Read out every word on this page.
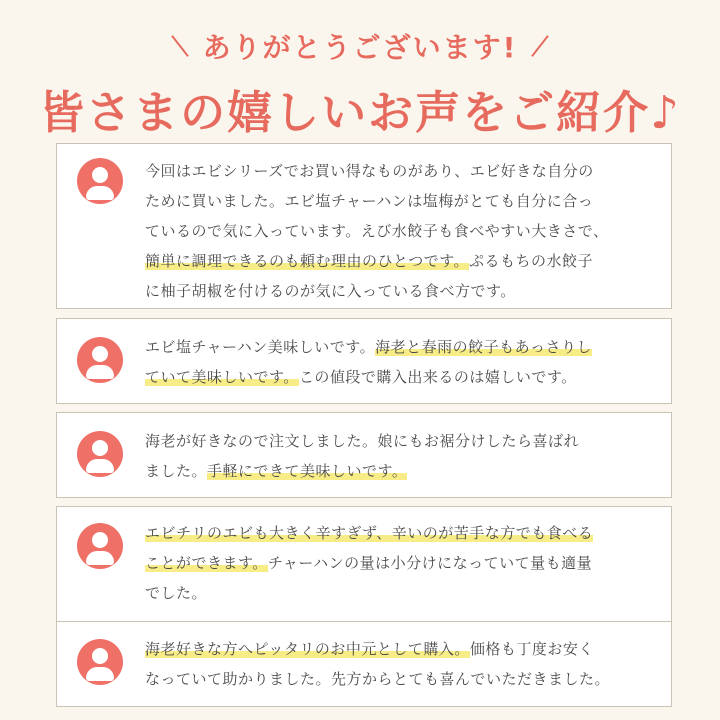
ありがとうございます!
皆さまの嬉しいお声をご紹介♪
今回はエビシリーズでお買い得なものがあり、エビ好きな自分の
ために買いました。エビ塩チャーハンは塩梅がとても自分に合っ
ているので気に入っています。えび水餃子も食べやすい大きさで、
簡単に調理できるのも頼む理由のひとつです。ぷるもちの水餃子
に柚子胡椒を付けるのが気に入っている食べ方です。
エビ塩チャーハン美味しいです。海老と春雨の餃子もあっさりし
ていて美味しいです。この値段で購入出来るのは嬉しいです。
海老が好きなので注文しました。娘にもお裾分けしたら喜ばれ
ました。手軽にできて美味しいです。
エビチリのエビも大きく辛すぎず、辛いのが苦手な方でも食べる
ことができます。チャーハンの量は小分けになっていて量も適量
でした。
海老好きな方へピッタリのお中元として購入。価格も丁度お安く
なっていて助かりました。先方からとても喜んでいただきました。
